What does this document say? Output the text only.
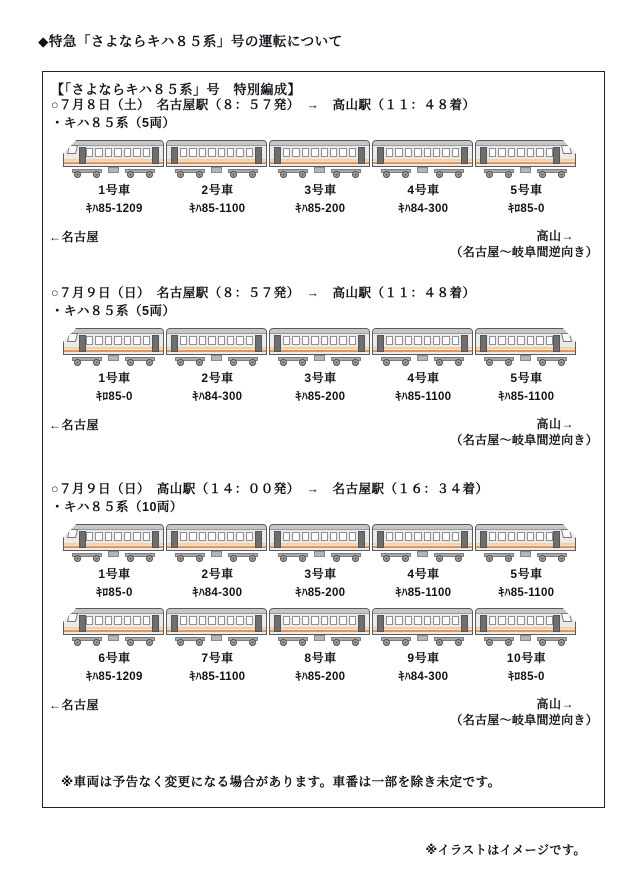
◆特急「さよならキハ８５系」号の運転について
【「さよならキハ８５系」号　特別編成】
○７月８日（土）　名古屋駅（８：５７発）　→　高山駅（１１：４８着）
・キハ８５系（5両）
1号車
ｷﾊ85-1209
2号車
ｷﾊ85-1100
3号車
ｷﾊ85-200
4号車
ｷﾊ84-300
5号車
ｷﾛ85-0
←名古屋	高山→
（名古屋～岐阜間逆向き）
○７月９日（日）　名古屋駅（８：５７発）　→　高山駅（１１：４８着）
・キハ８５系（5両）
1号車
ｷﾛ85-0
2号車
ｷﾊ84-300
3号車
ｷﾊ85-200
4号車
ｷﾊ85-1100
5号車
ｷﾊ85-1100
←名古屋	高山→
（名古屋～岐阜間逆向き）
○７月９日（日）　高山駅（１４：００発）　→　名古屋駅（１６：３４着）
・キハ８５系（10両）
1号車
ｷﾛ85-0
2号車
ｷﾊ84-300
3号車
ｷﾊ85-200
4号車
ｷﾊ85-1100
5号車
ｷﾊ85-1100
6号車
ｷﾊ85-1209
7号車
ｷﾊ85-1100
8号車
ｷﾊ85-200
9号車
ｷﾊ84-300
10号車
ｷﾛ85-0
←名古屋	高山→
（名古屋～岐阜間逆向き）
※車両は予告なく変更になる場合があります。車番は一部を除き未定です。
※イラストはイメージです。
